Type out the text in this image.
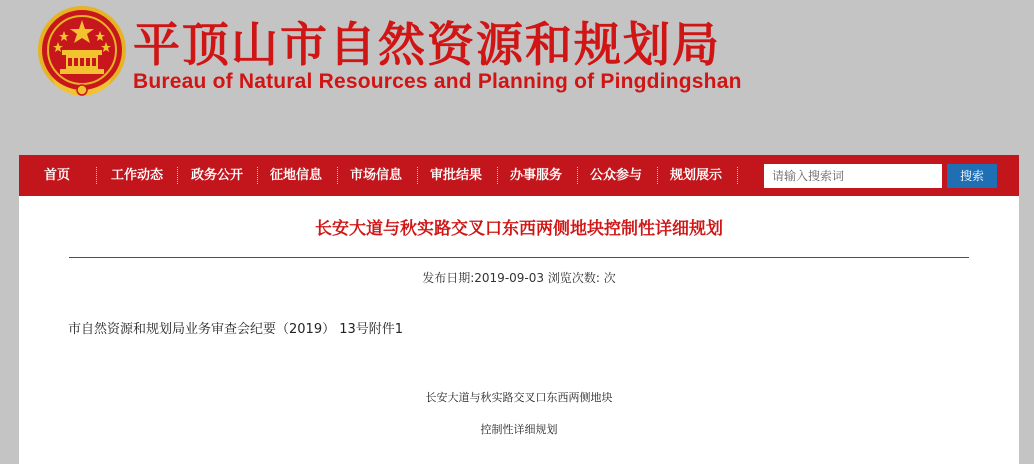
平顶山市自然资源和规划局
Bureau of Natural Resources and Planning of Pingdingshan
首页	工作动态 政务公开 征地信息 市场信息 审批结果 办事服务 公众参与 规划展示
请输入搜索词	搜索
长安大道与秋实路交叉口东西两侧地块控制性详细规划
发布日期:2019-09-03 浏览次数: 次
市自然资源和规划局业务审查会纪要（2019） 13号附件1
长安大道与秋实路交叉口东西两侧地块
控制性详细规划
